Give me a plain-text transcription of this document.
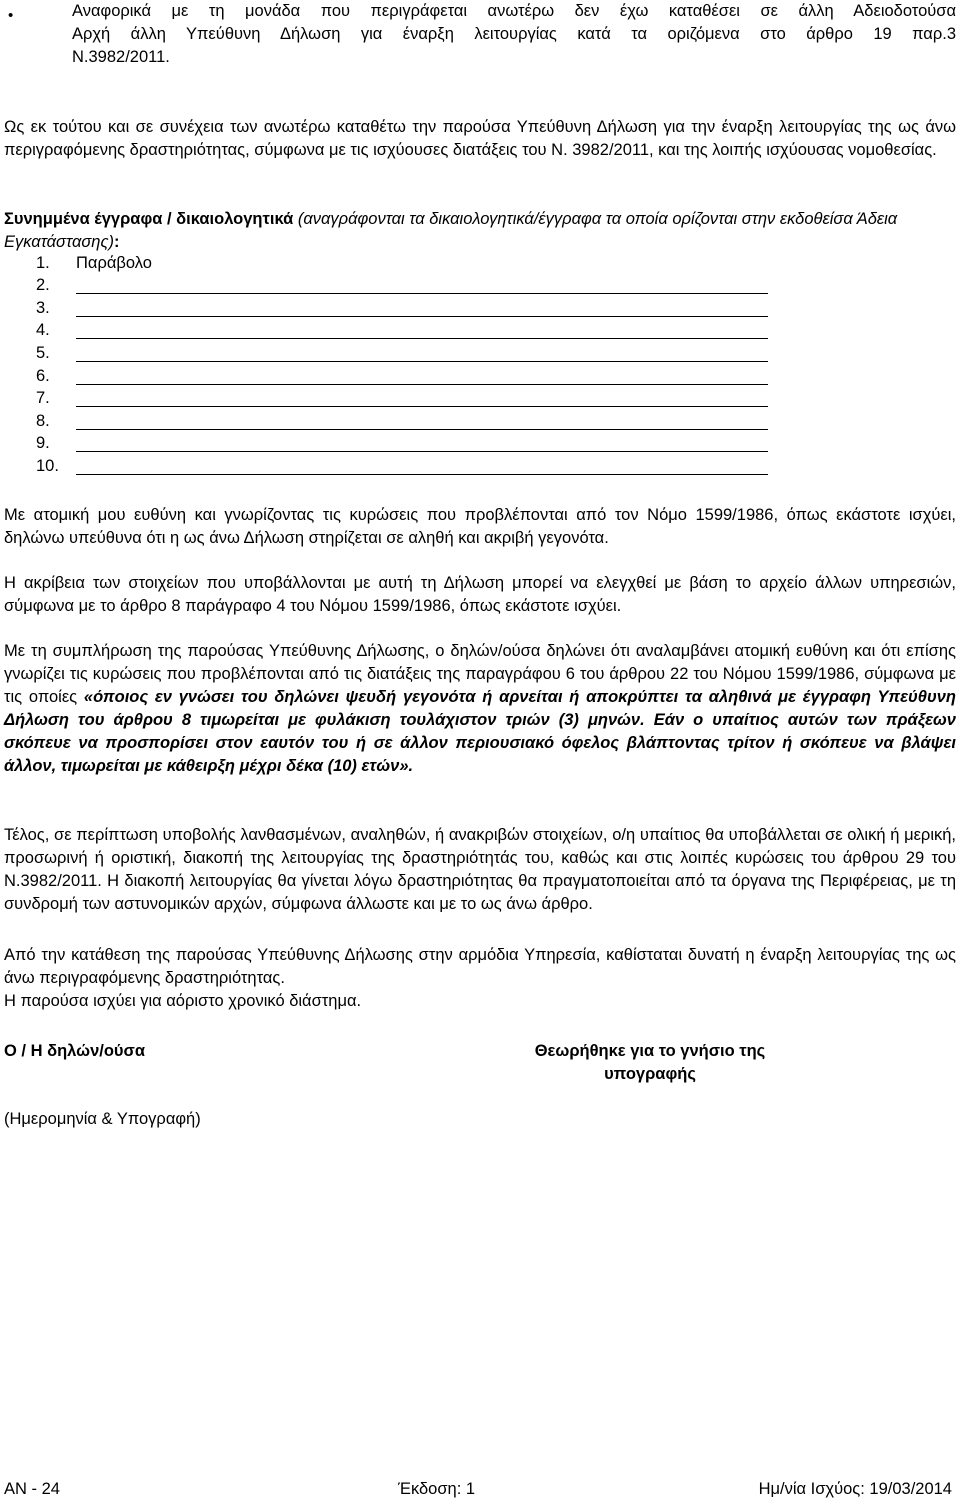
•	Αναφορικά με τη μονάδα που περιγράφεται ανωτέρω δεν έχω καταθέσει σε άλλη Αδειοδοτούσα
Αρχή άλλη Υπεύθυνη Δήλωση για έναρξη λειτουργίας κατά τα οριζόμενα στο άρθρο 19 παρ.3
Ν.3982/2011.

Ως εκ τούτου και σε συνέχεια των ανωτέρω καταθέτω την παρούσα Υπεύθυνη Δήλωση για την έναρξη λειτουργίας της ως άνω περιγραφόμενης δραστηριότητας, σύμφωνα με τις ισχύουσες διατάξεις του Ν. 3982/2011, και της λοιπής ισχύουσας νομοθεσίας.

Συνημμένα έγγραφα / δικαιολογητικά (αναγράφονται τα δικαιολογητικά/έγγραφα τα οποία ορίζονται στην εκδοθείσα Άδεια Εγκατάστασης):

1.	Παράβολο
2.
3.
4.
5.
6.
7.
8.
9.
10.

Με ατομική μου ευθύνη και γνωρίζοντας τις κυρώσεις που προβλέπονται από τον Νόμο 1599/1986, όπως εκάστοτε ισχύει, δηλώνω υπεύθυνα ότι η ως άνω Δήλωση στηρίζεται σε αληθή και ακριβή γεγονότα.

Η ακρίβεια των στοιχείων που υποβάλλονται με αυτή τη Δήλωση μπορεί να ελεγχθεί με βάση το αρχείο άλλων υπηρεσιών, σύμφωνα με το άρθρο 8 παράγραφο 4 του Νόμου 1599/1986, όπως εκάστοτε ισχύει.

Με τη συμπλήρωση της παρούσας Υπεύθυνης Δήλωσης, ο δηλών/ούσα δηλώνει ότι αναλαμβάνει ατομική ευθύνη και ότι επίσης γνωρίζει τις κυρώσεις που προβλέπονται από τις διατάξεις της παραγράφου 6 του άρθρου 22 του Νόμου 1599/1986, σύμφωνα με τις οποίες «όποιος εν γνώσει του δηλώνει ψευδή γεγονότα ή αρνείται ή αποκρύπτει τα αληθινά με έγγραφη Υπεύθυνη Δήλωση του άρθρου 8 τιμωρείται με φυλάκιση τουλάχιστον τριών (3) μηνών. Εάν ο υπαίτιος αυτών των πράξεων σκόπευε να προσπορίσει στον εαυτόν του ή σε άλλον περιουσιακό όφελος βλάπτοντας τρίτον ή σκόπευε να βλάψει άλλον, τιμωρείται με κάθειρξη μέχρι δέκα (10) ετών».

Τέλος, σε περίπτωση υποβολής λανθασμένων, αναληθών, ή ανακριβών στοιχείων, ο/η υπαίτιος θα υποβάλλεται σε ολική ή μερική, προσωρινή ή οριστική, διακοπή της λειτουργίας της δραστηριότητάς του, καθώς και στις λοιπές κυρώσεις του άρθρου 29 του Ν.3982/2011. Η διακοπή λειτουργίας θα γίνεται λόγω δραστηριότητας θα πραγματοποιείται από τα όργανα της Περιφέρειας, με τη συνδρομή των αστυνομικών αρχών, σύμφωνα άλλωστε και με το ως άνω άρθρο.

Από την κατάθεση της παρούσας Υπεύθυνης Δήλωσης στην αρμόδια Υπηρεσία, καθίσταται δυνατή η έναρξη λειτουργίας της ως άνω περιγραφόμενης δραστηριότητας.

Η παρούσα ισχύει για αόριστο χρονικό διάστημα.

Ο / Η δηλών/ούσα	Θεωρήθηκε για το γνήσιο της
υπογραφής
(Ημερομηνία & Υπογραφή)
ΑΝ - 24	Έκδοση: 1	Ημ/νία Ισχύος: 19/03/2014
